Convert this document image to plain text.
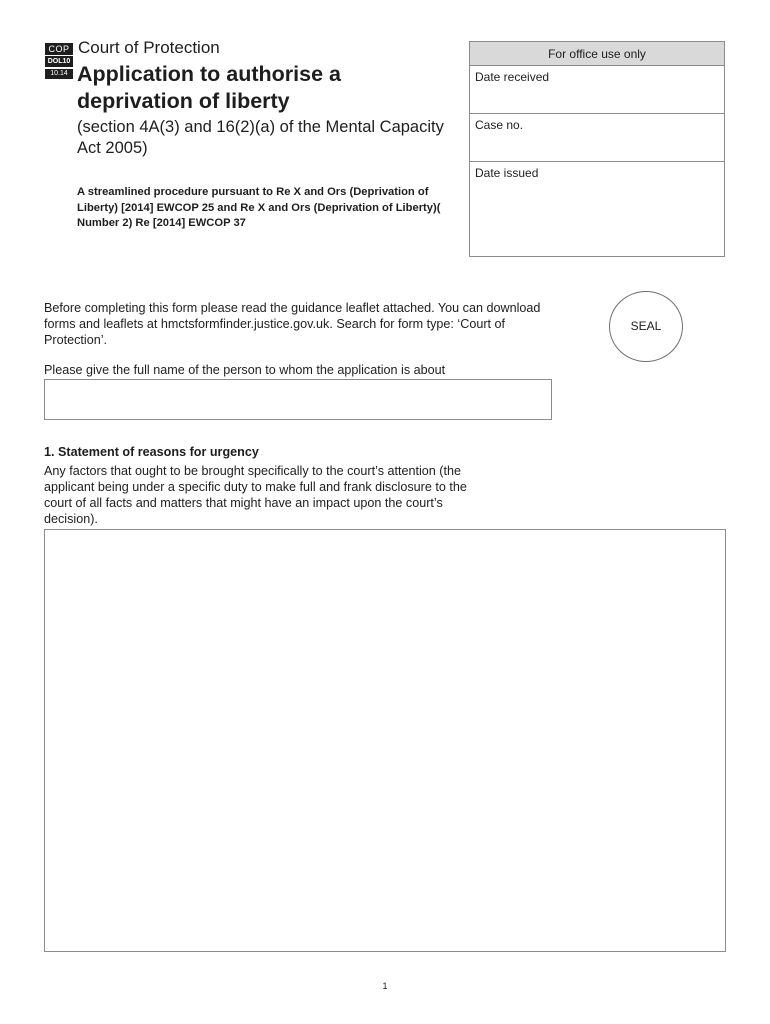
COP
DOL10
10.14
Court of Protection
Application to authorise a deprivation of liberty
(section 4A(3) and 16(2)(a) of the Mental Capacity Act 2005)
A streamlined procedure pursuant to Re X and Ors (Deprivation of Liberty) [2014] EWCOP 25 and Re X and Ors (Deprivation of Liberty)( Number 2) Re [2014] EWCOP 37
For office use only
Date received
Case no.
Date issued
Before completing this form please read the guidance leaflet attached. You can download forms and leaflets at hmctsformfinder.justice.gov.uk. Search for form type: ‘Court of Protection’.
SEAL
Please give the full name of the person to whom the application is about
1. Statement of reasons for urgency
Any factors that ought to be brought specifically to the court’s attention (the applicant being under a specific duty to make full and frank disclosure to the court of all facts and matters that might have an impact upon the court’s decision).
1
